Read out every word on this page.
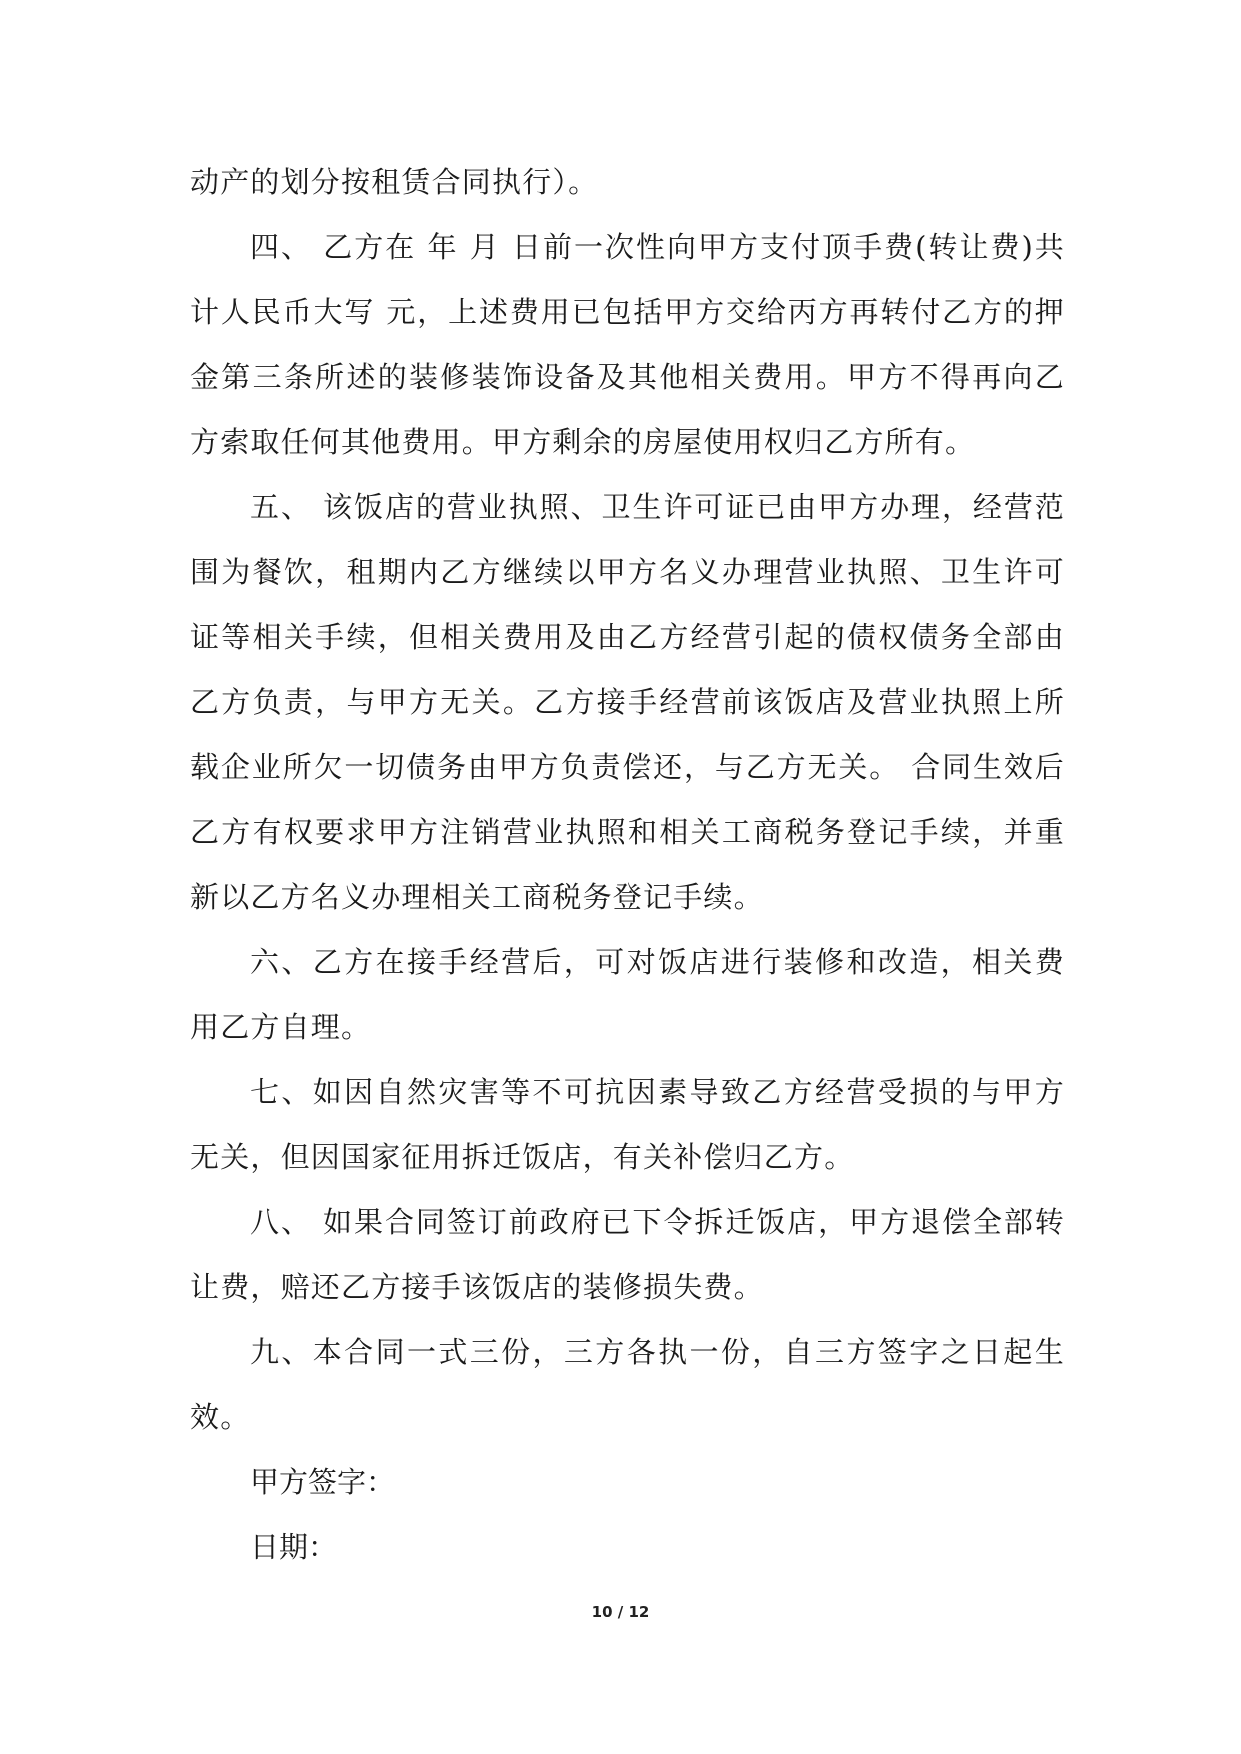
动产的划分按租赁合同执行）。

四、 乙方在 年 月 日前一次性向甲方支付顶手费(转让费)共计人民币大写 元，上述费用已包括甲方交给丙方再转付乙方的押金第三条所述的装修装饰设备及其他相关费用。甲方不得再向乙方索取任何其他费用。甲方剩余的房屋使用权归乙方所有。

五、 该饭店的营业执照、卫生许可证已由甲方办理，经营范围为餐饮，租期内乙方继续以甲方名义办理营业执照、卫生许可证等相关手续，但相关费用及由乙方经营引起的债权债务全部由乙方负责，与甲方无关。乙方接手经营前该饭店及营业执照上所载企业所欠一切债务由甲方负责偿还，与乙方无关。 合同生效后乙方有权要求甲方注销营业执照和相关工商税务登记手续，并重新以乙方名义办理相关工商税务登记手续。

六、乙方在接手经营后，可对饭店进行装修和改造，相关费用乙方自理。

七、如因自然灾害等不可抗因素导致乙方经营受损的与甲方无关，但因国家征用拆迁饭店，有关补偿归乙方。

八、 如果合同签订前政府已下令拆迁饭店，甲方退偿全部转让费，赔还乙方接手该饭店的装修损失费。

九、本合同一式三份，三方各执一份，自三方签字之日起生效。

甲方签字：

日期：

10 / 12
